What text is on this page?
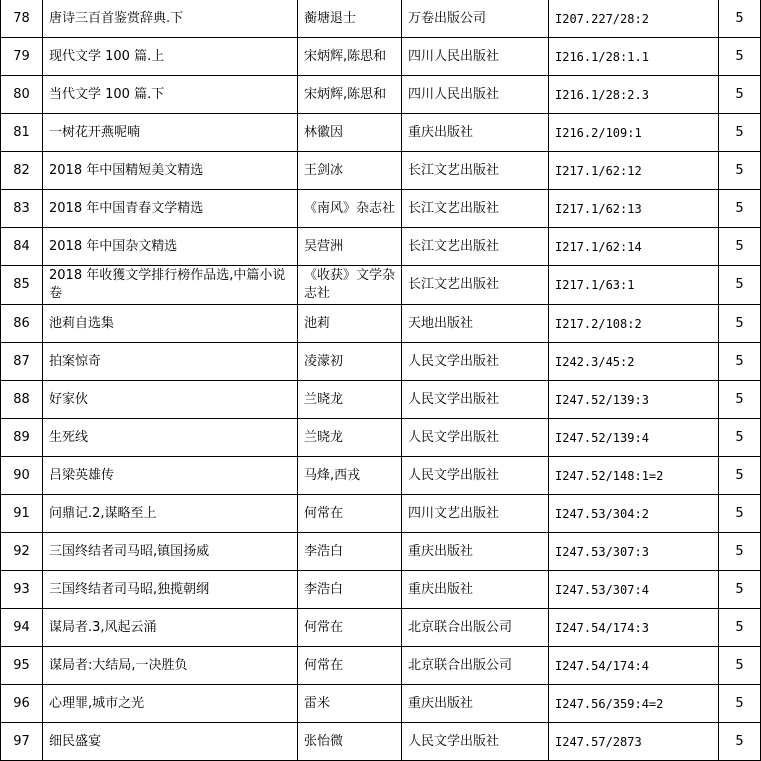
78	唐诗三百首鉴赏辞典.下	蘅塘退士	万卷出版公司	I207.227/28:2	5
79	现代文学 100 篇.上	宋炳辉,陈思和	四川人民出版社	I216.1/28:1.1	5
80	当代文学 100 篇.下	宋炳辉,陈思和	四川人民出版社	I216.1/28:2.3	5
81	一树花开燕呢喃	林徽因	重庆出版社	I216.2/109:1	5
82	2018 年中国精短美文精选	王剑冰	长江文艺出版社	I217.1/62:12	5
83	2018 年中国青春文学精选	《南风》杂志社	长江文艺出版社	I217.1/62:13	5
84	2018 年中国杂文精选	吴营洲	长江文艺出版社	I217.1/62:14	5
85	2018 年收獲文学排行榜作品选,中篇小说卷	《收获》文学杂志社	长江文艺出版社	I217.1/63:1	5
86	池莉自选集	池莉	天地出版社	I217.2/108:2	5
87	拍案惊奇	凌濛初	人民文学出版社	I242.3/45:2	5
88	好家伙	兰晓龙	人民文学出版社	I247.52/139:3	5
89	生死线	兰晓龙	人民文学出版社	I247.52/139:4	5
90	吕梁英雄传	马烽,西戎	人民文学出版社	I247.52/148:1=2	5
91	问鼎记.2,谋略至上	何常在	四川文艺出版社	I247.53/304:2	5
92	三国终结者司马昭,镇国扬威	李浩白	重庆出版社	I247.53/307:3	5
93	三国终结者司马昭,独揽朝纲	李浩白	重庆出版社	I247.53/307:4	5
94	谋局者.3,风起云涌	何常在	北京联合出版公司	I247.54/174:3	5
95	谋局者:大结局,一决胜负	何常在	北京联合出版公司	I247.54/174:4	5
96	心理罪,城市之光	雷米	重庆出版社	I247.56/359:4=2	5
97	细民盛宴	张怡微	人民文学出版社	I247.57/2873	5
